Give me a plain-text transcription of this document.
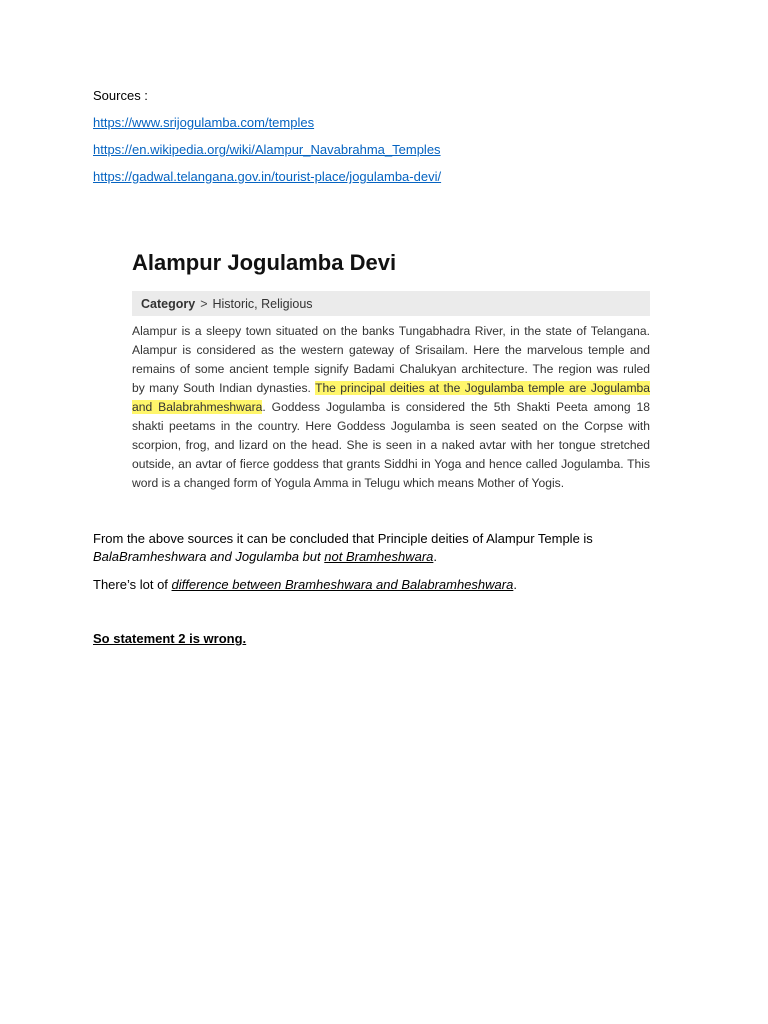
Sources :
https://www.srijogulamba.com/temples
https://en.wikipedia.org/wiki/Alampur_Navabrahma_Temples
https://gadwal.telangana.gov.in/tourist-place/jogulamba-devi/
Alampur Jogulamba Devi
Category > Historic, Religious
Alampur is a sleepy town situated on the banks Tungabhadra River, in the state of Telangana.
Alampur is considered as the western gateway of Srisailam. Here the marvelous temple and
remains of some ancient temple signify Badami Chalukyan architecture. The region was ruled
by many South Indian dynasties. The principal deities at the Jogulamba temple are Jogulamba
and Balabrahmeshwara. Goddess Jogulamba is considered the 5th Shakti Peeta among 18
shakti peetams in the country. Here Goddess Jogulamba is seen seated on the Corpse with
scorpion, frog, and lizard on the head. She is seen in a naked avtar with her tongue stretched
outside, an avtar of fierce goddess that grants Siddhi in Yoga and hence called Jogulamba. This
word is a changed form of Yogula Amma in Telugu which means Mother of Yogis.
From the above sources it can be concluded that Principle deities of Alampur Temple is
BalaBramheshwara and Jogulamba but not Bramheshwara.
There’s lot of difference between Bramheshwara and Balabramheshwara.
So statement 2 is wrong.
